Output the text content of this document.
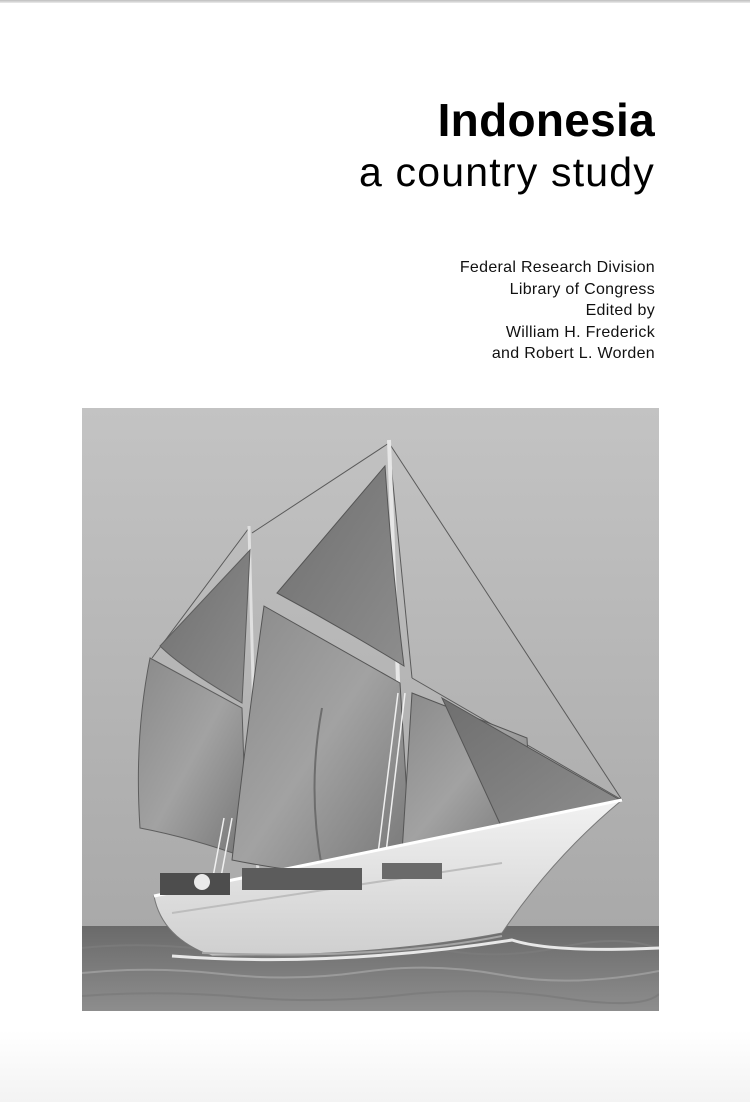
Indonesia
a country study
Federal Research Division
Library of Congress
Edited by
William H. Frederick
and Robert L. Worden
